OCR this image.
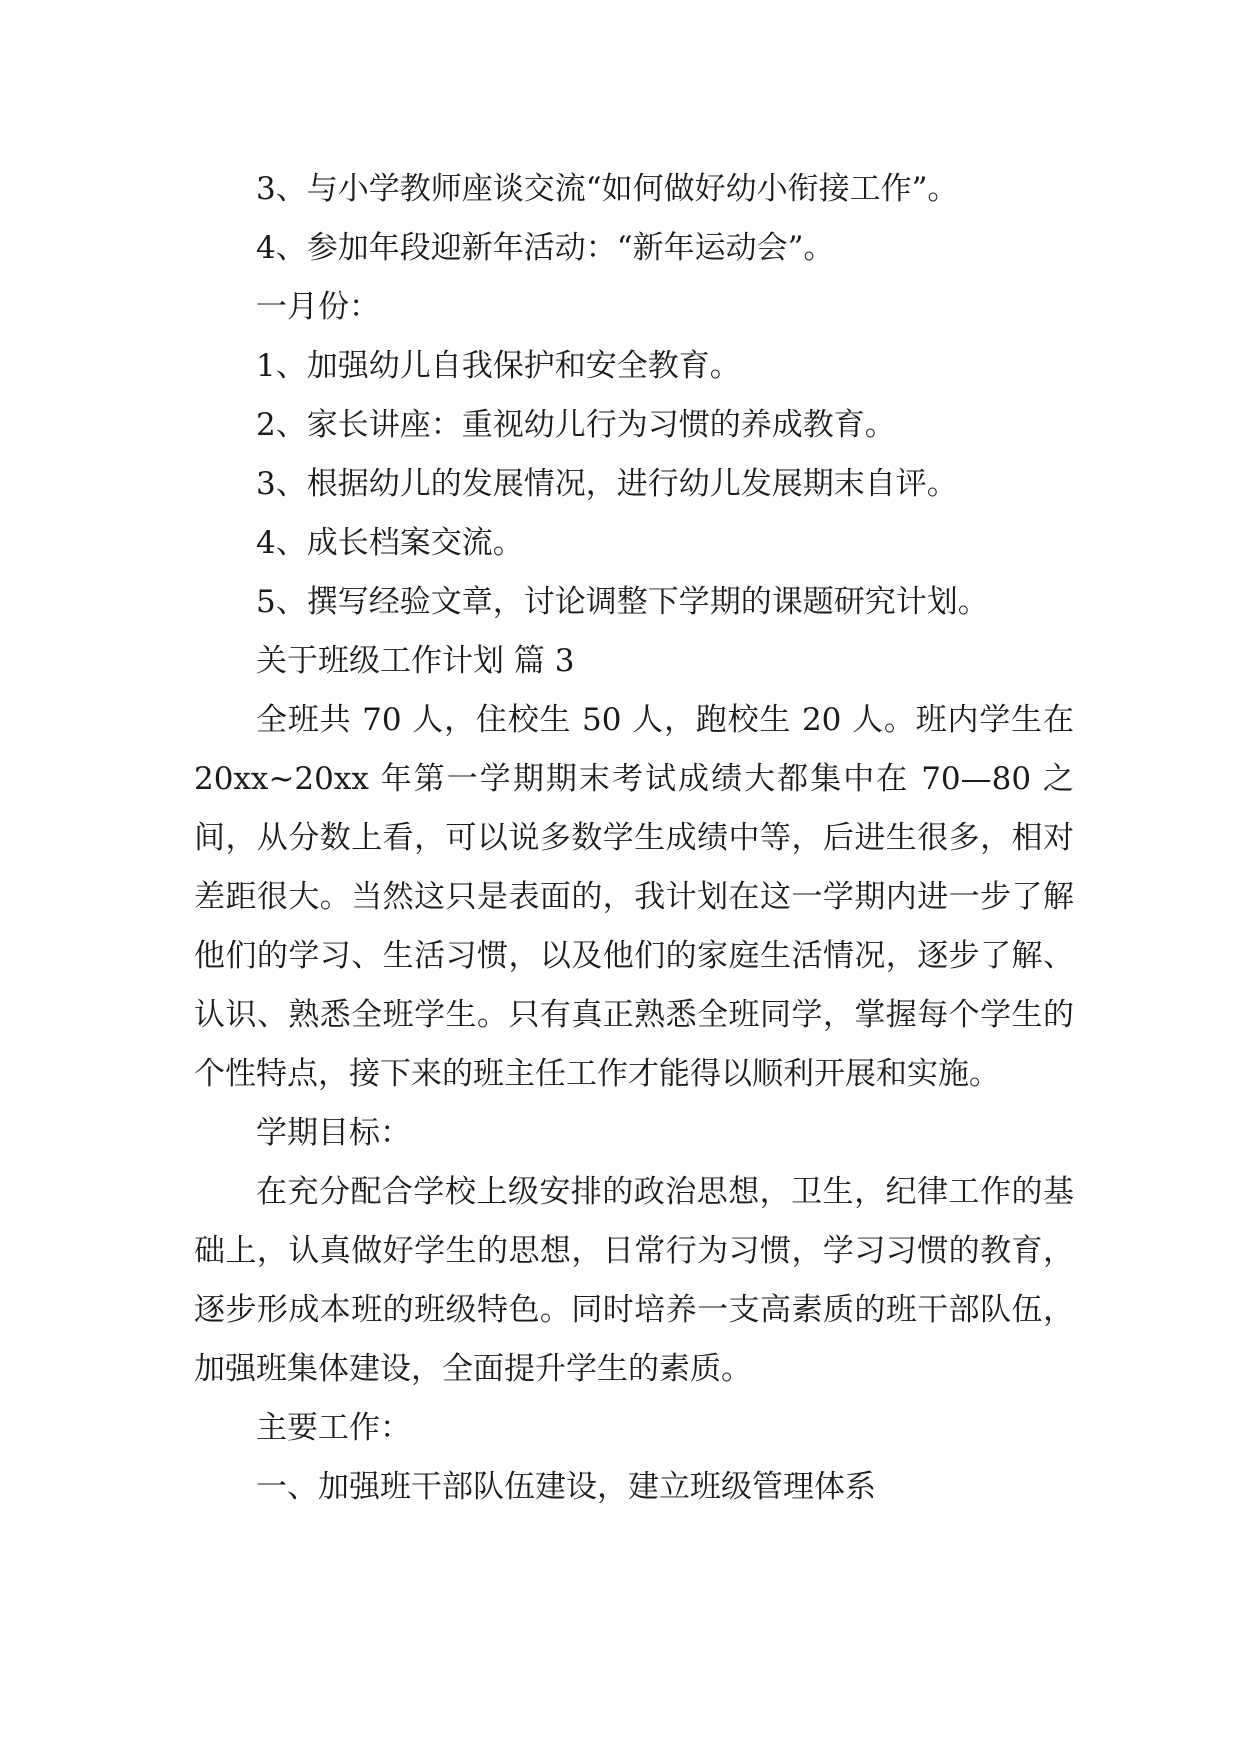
3、与小学教师座谈交流“如何做好幼小衔接工作”。

4、参加年段迎新年活动：“新年运动会”。

一月份：

1、加强幼儿自我保护和安全教育。

2、家长讲座：重视幼儿行为习惯的养成教育。

3、根据幼儿的发展情况，进行幼儿发展期末自评。

4、成长档案交流。

5、撰写经验文章，讨论调整下学期的课题研究计划。

关于班级工作计划 篇 3

全班共 70 人，住校生 50 人，跑校生 20 人。班内学生在 20xx~20xx 年第一学期期末考试成绩大都集中在 70—80 之间，从分数上看，可以说多数学生成绩中等，后进生很多，相对差距很大。当然这只是表面的，我计划在这一学期内进一步了解他们的学习、生活习惯，以及他们的家庭生活情况，逐步了解、认识、熟悉全班学生。只有真正熟悉全班同学，掌握每个学生的个性特点，接下来的班主任工作才能得以顺利开展和实施。

学期目标：

在充分配合学校上级安排的政治思想，卫生，纪律工作的基础上，认真做好学生的思想，日常行为习惯，学习习惯的教育，逐步形成本班的班级特色。同时培养一支高素质的班干部队伍，加强班集体建设，全面提升学生的素质。

主要工作：

一、加强班干部队伍建设，建立班级管理体系
